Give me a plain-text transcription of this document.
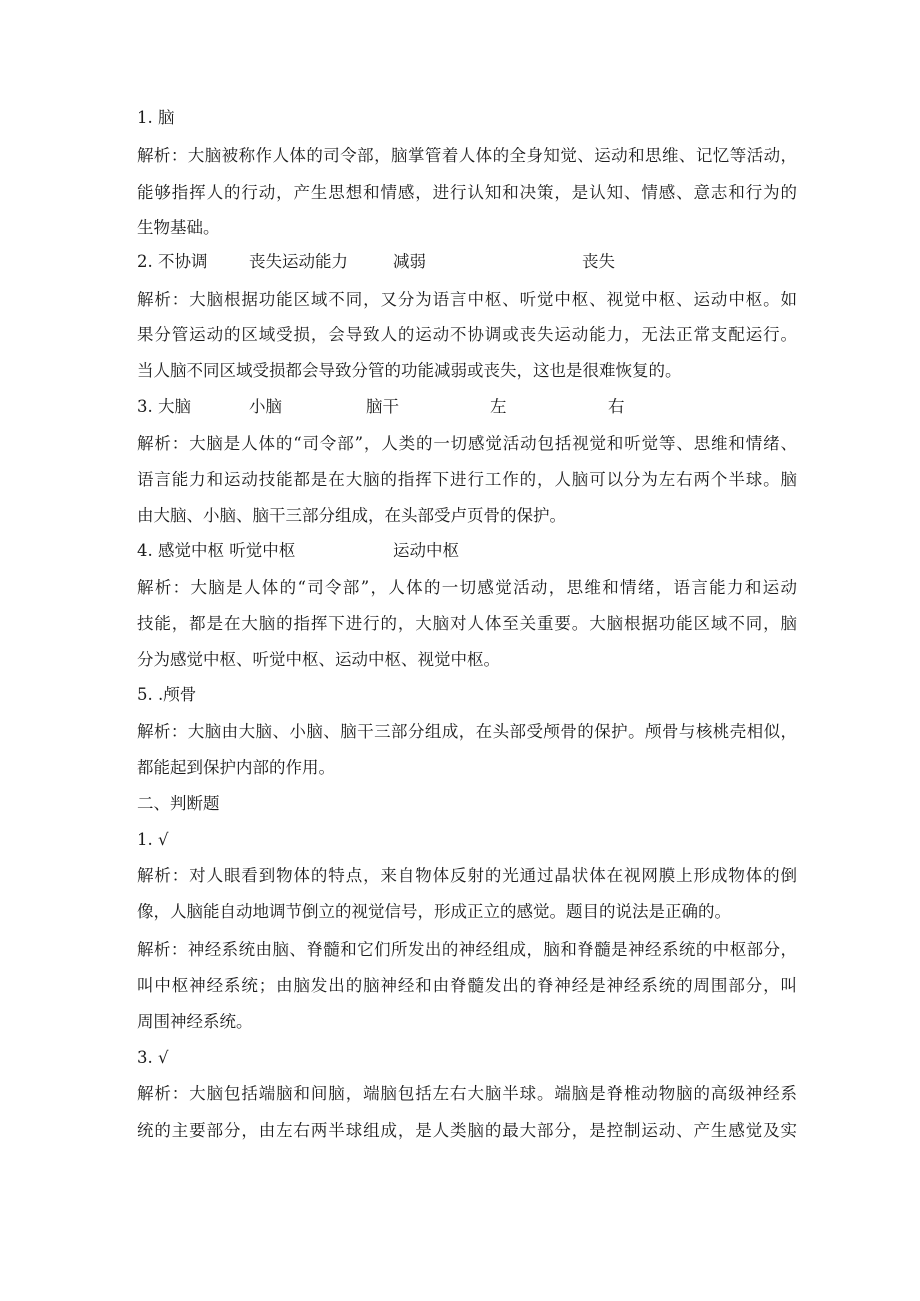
1. 脑
解析：大脑被称作人体的司令部，脑掌管着人体的全身知觉、运动和思维、记忆等活动，
能够指挥人的行动，产生思想和情感，进行认知和决策，是认知、情感、意志和行为的
生物基础。
2. 不协调	丧失运动能力	减弱	丧失
解析：大脑根据功能区域不同，又分为语言中枢、听觉中枢、视觉中枢、运动中枢。如
果分管运动的区域受损，会导致人的运动不协调或丧失运动能力，无法正常支配运行。
当人脑不同区域受损都会导致分管的功能减弱或丧失，这也是很难恢复的。
3. 大脑	小脑	脑干	左	右
解析：大脑是人体的“司令部”，人类的一切感觉活动包括视觉和听觉等、思维和情绪、
语言能力和运动技能都是在大脑的指挥下进行工作的，人脑可以分为左右两个半球。脑
由大脑、小脑、脑干三部分组成，在头部受卢页骨的保护。
4. 感觉中枢 听觉中枢	运动中枢
解析：大脑是人体的“司令部”，人体的一切感觉活动，思维和情绪，语言能力和运动
技能，都是在大脑的指挥下进行的，大脑对人体至关重要。大脑根据功能区域不同，脑
分为感觉中枢、听觉中枢、运动中枢、视觉中枢。
5. .颅骨
解析：大脑由大脑、小脑、脑干三部分组成，在头部受颅骨的保护。颅骨与核桃壳相似，
都能起到保护内部的作用。
二、判断题
1. √
解析：对人眼看到物体的特点，来自物体反射的光通过晶状体在视网膜上形成物体的倒
像，人脑能自动地调节倒立的视觉信号，形成正立的感觉。题目的说法是正确的。
解析：神经系统由脑、脊髓和它们所发出的神经组成，脑和脊髓是神经系统的中枢部分，
叫中枢神经系统；由脑发出的脑神经和由脊髓发出的脊神经是神经系统的周围部分，叫
周围神经系统。
3. √
解析：大脑包括端脑和间脑，端脑包括左右大脑半球。端脑是脊椎动物脑的高级神经系
统的主要部分，由左右两半球组成，是人类脑的最大部分，是控制运动、产生感觉及实
